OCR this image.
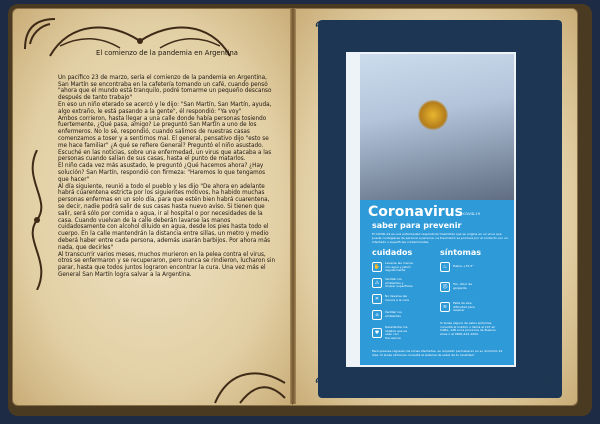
El comienzo de la pandemia en Argentina

Un pacífico 23 de marzo, sería el comienzo de la pandemia en Argentina, San Martín se encontraba en la cafetería tomando un café, cuando pensó "ahora que el mundo está tranquilo, podré tomarme un pequeño descanso después de tanto trabajo"

En eso un niño eterado se acercó y le dijo: "San Martín, San Martín, ayuda, algo extraño, le está pasando a la gente", él respondió: "Ya voy"

Ambos corrieron, hasta llegar a una calle donde había personas tosiendo fuertemente, ¿Qué pasa, amigo? Le preguntó San Martín a uno de los enfermeros. No lo sé, respondió, cuando salimos de nuestras casas comenzamos a toser y a sentirnos mal. El general, pensativo dijo "esto se me hace familiar" ¿A qué se refiere General? Preguntó el niño asustado.

Escuché en las noticias, sobre una enfermedad, un virus que atacaba a las personas cuando salían de sus casas, hasta el punto de matarlos.

El niño cada vez más asustado, le preguntó ¿Qué hacemos ahora? ¿Hay solución? San Martín, respondió con firmeza: "Haremos lo que tengamos que hacer"

Al día siguiente, reunió a todo el pueblo y les dijo "De ahora en adelante habrá cuarentena estricta por los siguientes motivos, ha habido muchas personas enfermas en un solo día, para que estén bien habrá cuarentena, se decir, nadie podrá salir de sus casas hasta nuevo aviso. Si tienen que salir, será sólo por comida o agua, ir al hospital o por necesidades de la casa. Cuando vuelvan de la calle deberán lavarse las manos cuidadosamente con alcohol diluido en agua, desde los pies hasta todo el cuerpo. En la calle mantendrán la distancia entre sillas, un metro y medio deberá haber entre cada persona, además usarán barbijos. Por ahora más nada, que decirles"

Al transcurrir varios meses, muchos murieron en la pelea contra el virus, otros se enfermaron y se recuperaron, pero nunca se rindieron, lucharon sin parar, hasta que todos juntos lograron encontrar la cura. Una vez más el General San Martín logra salvar a la Argentina.

❦	❦
❦	❦
Coronavirus COVID-19
saber para prevenir
El COVID-19 es una enfermedad respiratoria trasmitida que se origina en un virus que puede contagiarse de persona a persona. La trasmisión se produce por el contacto con un infectado o superficies contaminadas.
cuidados	síntomas
✋
Lavarse las manos con agua y jabón regularmente
⚠
Ventilar los ambientes y limpiar superficies
✕	No llevarse las manos a la cara
⌂	Ventilar los ambientes
♥
Desinfectar los objetos que se usan con frecuencia
♨	Fiebre +37,5°
☹	Tos, dolor de garganta
≋
Falta de aire, dificultad para respirar
Si tenés alguno de estos síntomas consultá al médico o llamá al 107 en CABA, 148 en la provincia de Buenos Aires o al 0800-222-1002.
Para quienes regresan de zonas afectadas, es requisito permanecer en su domicilio 14 días. Si tenés síntomas consultá al sistema de salud de tu localidad.
